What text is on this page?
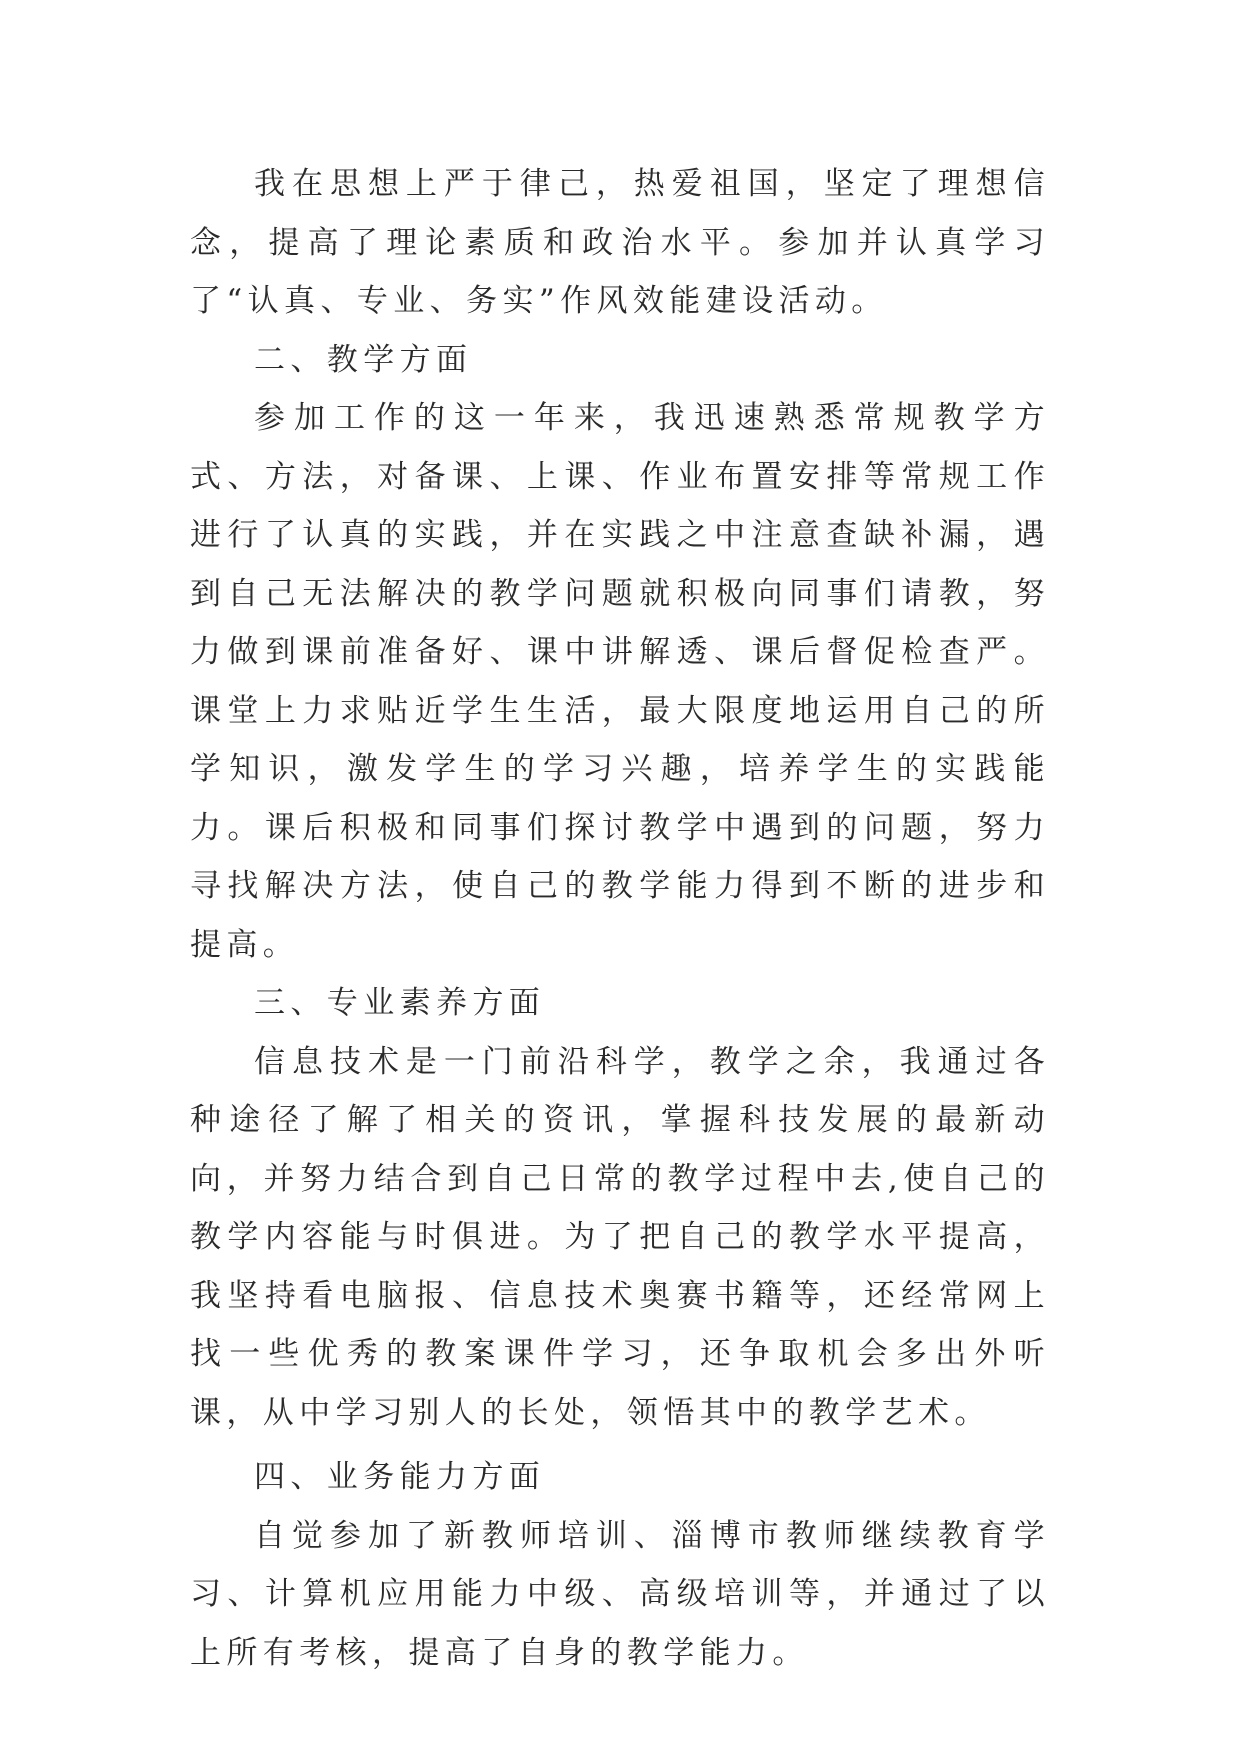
我在思想上严于律己，热爱祖国，坚定了理想信念，提高了理论素质和政治水平。参加并认真学习了“认真、专业、务实”作风效能建设活动。

二、教学方面

参加工作的这一年来，我迅速熟悉常规教学方式、方法，对备课、上课、作业布置安排等常规工作进行了认真的实践，并在实践之中注意查缺补漏，遇到自己无法解决的教学问题就积极向同事们请教，努力做到课前准备好、课中讲解透、课后督促检查严。课堂上力求贴近学生生活，最大限度地运用自己的所学知识，激发学生的学习兴趣，培养学生的实践能力。课后积极和同事们探讨教学中遇到的问题，努力寻找解决方法，使自己的教学能力得到不断的进步和提高。

三、专业素养方面

信息技术是一门前沿科学，教学之余，我通过各种途径了解了相关的资讯，掌握科技发展的最新动向，并努力结合到自己日常的教学过程中去,使自己的教学内容能与时俱进。为了把自己的教学水平提高，我坚持看电脑报、信息技术奥赛书籍等，还经常网上找一些优秀的教案课件学习，还争取机会多出外听课，从中学习别人的长处，领悟其中的教学艺术。

四、业务能力方面

自觉参加了新教师培训、淄博市教师继续教育学习、计算机应用能力中级、高级培训等，并通过了以上所有考核，提高了自身的教学能力。
